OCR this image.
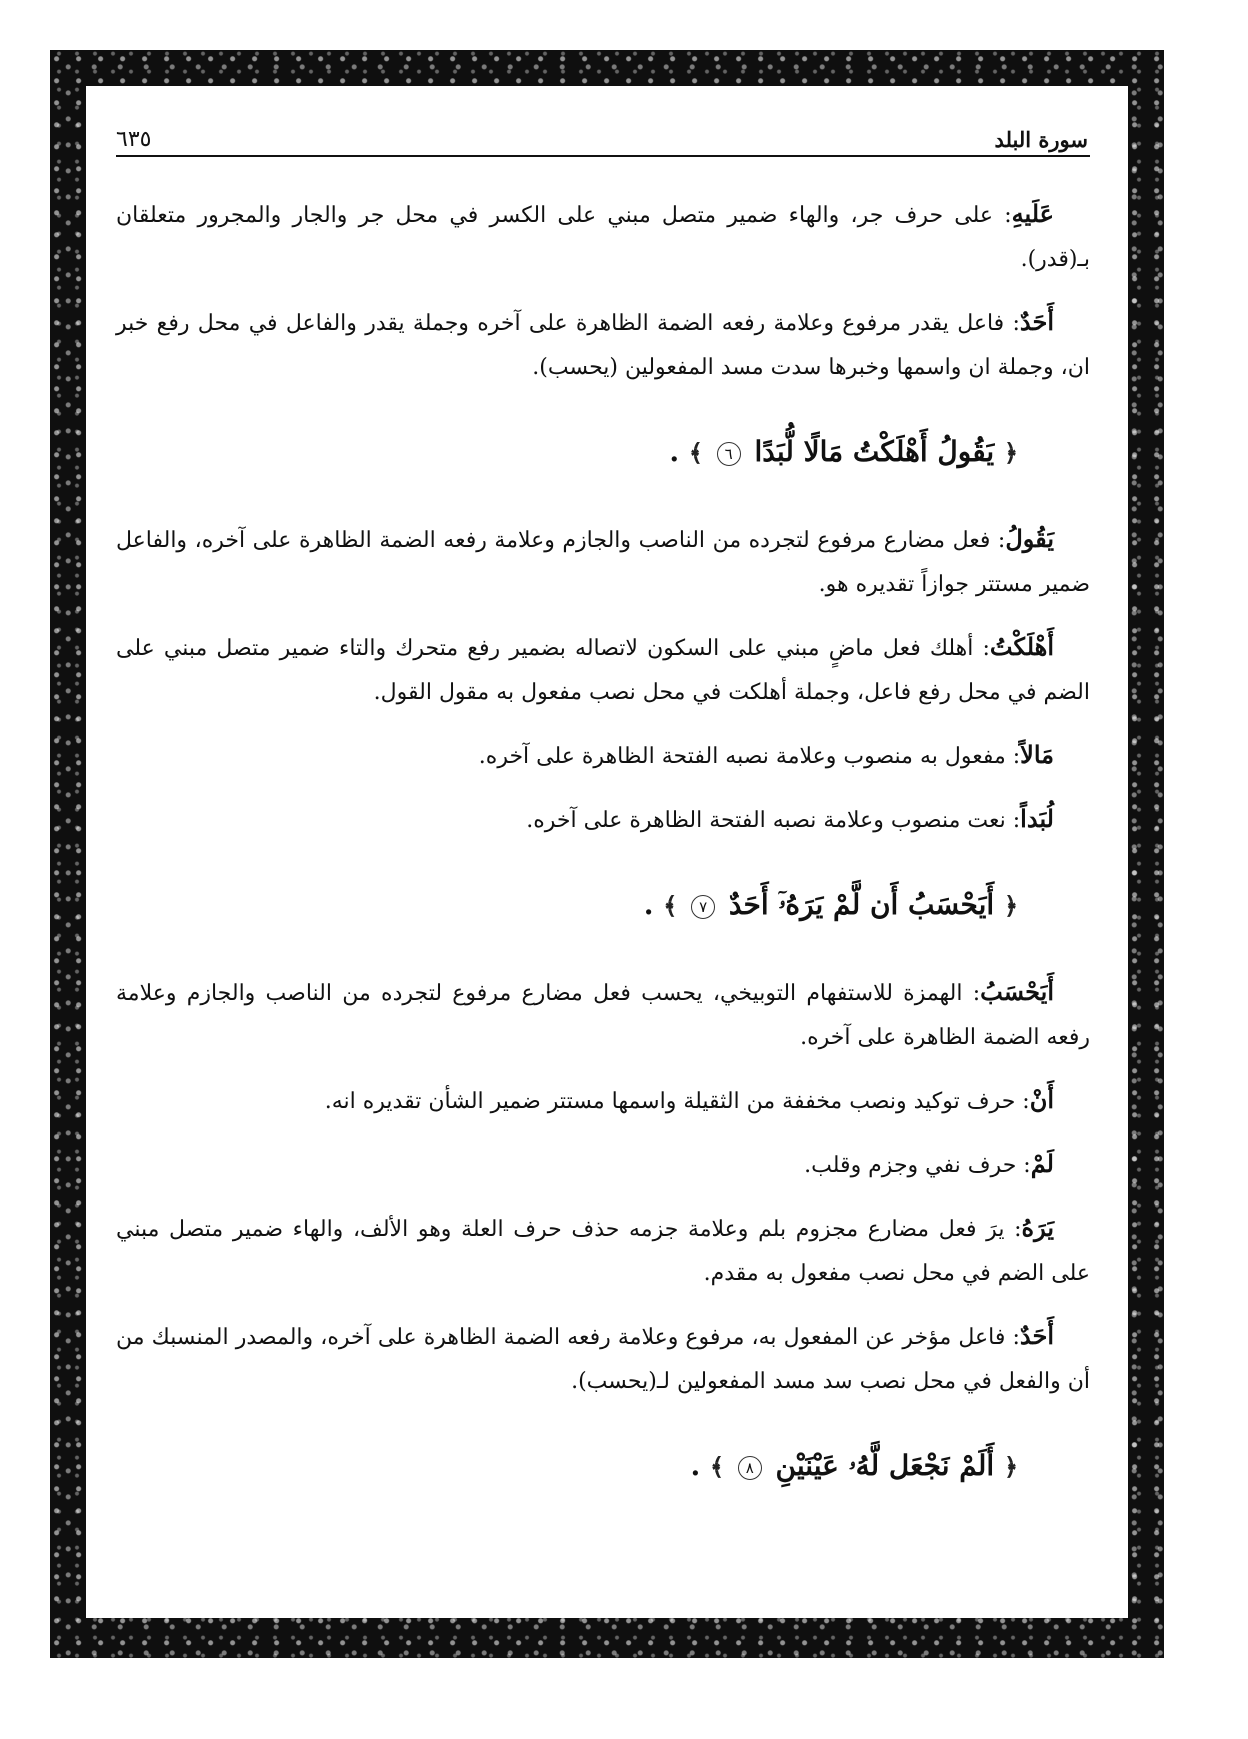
سورة البلد
٦٣٥

عَلَيهِ: على حرف جر، والهاء ضمير متصل مبني على الكسر في محل جر والجار والمجرور متعلقان بـ(قدر).

أَحَدٌ: فاعل يقدر مرفوع وعلامة رفعه الضمة الظاهرة على آخره وجملة يقدر والفاعل في محل رفع خبر ان، وجملة ان واسمها وخبرها سدت مسد المفعولين (يحسب).

﴿ يَقُولُ أَهْلَكْتُ مَالًا لُّبَدًا ٦ ﴾ .

يَقُولُ: فعل مضارع مرفوع لتجرده من الناصب والجازم وعلامة رفعه الضمة الظاهرة على آخره، والفاعل ضمير مستتر جوازاً تقديره هو.

أَهْلَكْتُ: أهلك فعل ماضٍ مبني على السكون لاتصاله بضمير رفع متحرك والتاء ضمير متصل مبني على الضم في محل رفع فاعل، وجملة أهلكت في محل نصب مفعول به مقول القول.

مَالاً: مفعول به منصوب وعلامة نصبه الفتحة الظاهرة على آخره.

لُبَداً: نعت منصوب وعلامة نصبه الفتحة الظاهرة على آخره.

﴿ أَيَحْسَبُ أَن لَّمْ يَرَهُۥٓ أَحَدٌ ٧ ﴾ .

أَيَحْسَبُ: الهمزة للاستفهام التوبيخي، يحسب فعل مضارع مرفوع لتجرده من الناصب والجازم وعلامة رفعه الضمة الظاهرة على آخره.

أَنْ: حرف توكيد ونصب مخففة من الثقيلة واسمها مستتر ضمير الشأن تقديره انه.

لَمْ: حرف نفي وجزم وقلب.

يَرَهُ: يرَ فعل مضارع مجزوم بلم وعلامة جزمه حذف حرف العلة وهو الألف، والهاء ضمير متصل مبني على الضم في محل نصب مفعول به مقدم.

أَحَدٌ: فاعل مؤخر عن المفعول به، مرفوع وعلامة رفعه الضمة الظاهرة على آخره، والمصدر المنسبك من أن والفعل في محل نصب سد مسد المفعولين لـ(يحسب).

﴿ أَلَمْ نَجْعَل لَّهُۥ عَيْنَيْنِ ٨ ﴾ .
